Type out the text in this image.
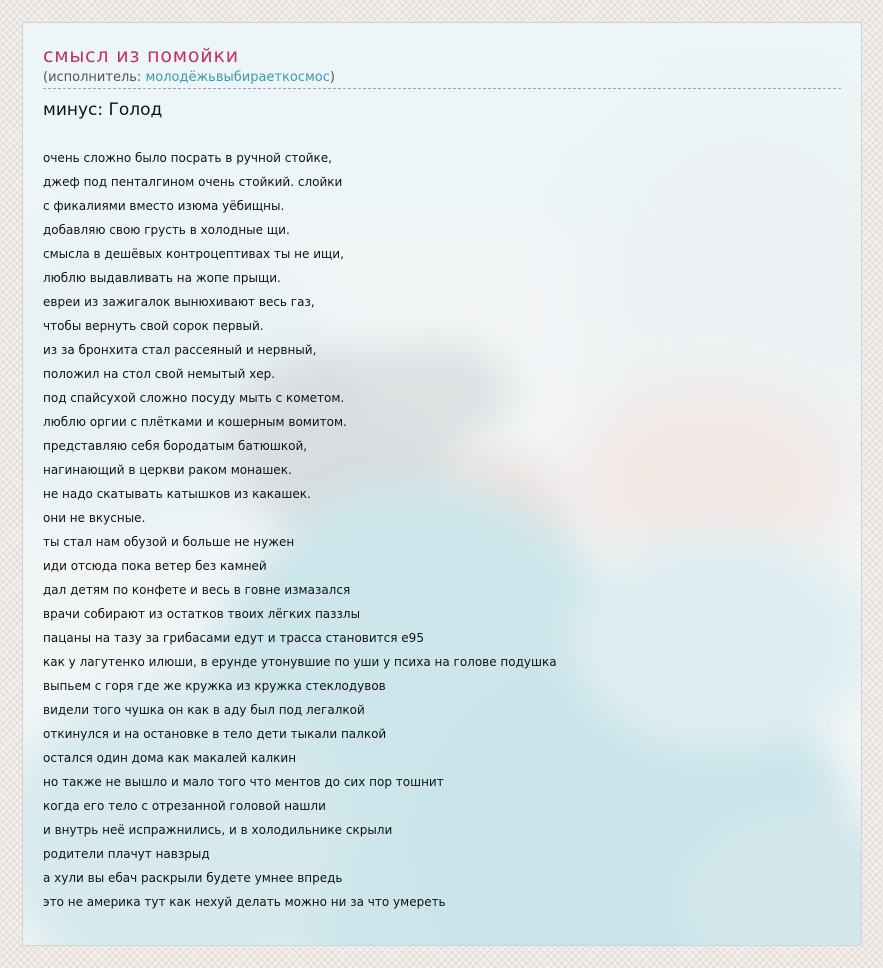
смысл из помойки
(исполнитель: молодёжьвыбираеткосмос)
минус: Голод
очень сложно было посрать в ручной стойке,
джеф под пенталгином очень стойкий. слойки
с фикалиями вместо изюма уёбищны.
добавляю свою грусть в холодные щи.
смысла в дешёвых контроцептивах ты не ищи,
люблю выдавливать на жопе прыщи.
евреи из зажигалок вынюхивают весь газ,
чтобы вернуть свой сорок первый.
из за бронхита стал рассеяный и нервный,
положил на стол свой немытый хер.
под спайсухой сложно посуду мыть с кометом.
люблю оргии с плётками и кошерным вомитом.
представляю себя бородатым батюшкой,
нагинающий в церкви раком монашек.
не надо скатывать катышков из какашек.
они не вкусные.
ты стал нам обузой и больше не нужен
иди отсюда пока ветер без камней
дал детям по конфете и весь в говне измазался
врачи собирают из остатков твоих лёгких паззлы
пацаны на тазу за грибасами едут и трасса становится е95
как у лагутенко илюши, в ерунде утонувшие по уши у психа на голове подушка
выпьем с горя где же кружка из кружка стеклодувов
видели того чушка он как в аду был под легалкой
откинулся и на остановке в тело дети тыкали палкой
остался один дома как макалей калкин
но также не вышло и мало того что ментов до сих пор тошнит
когда его тело с отрезанной головой нашли
и внутрь неё испражнились, и в холодильнике скрыли
родители плачут навзрыд
а хули вы ебач раскрыли будете умнее впредь
это не америка тут как нехуй делать можно ни за что умереть
